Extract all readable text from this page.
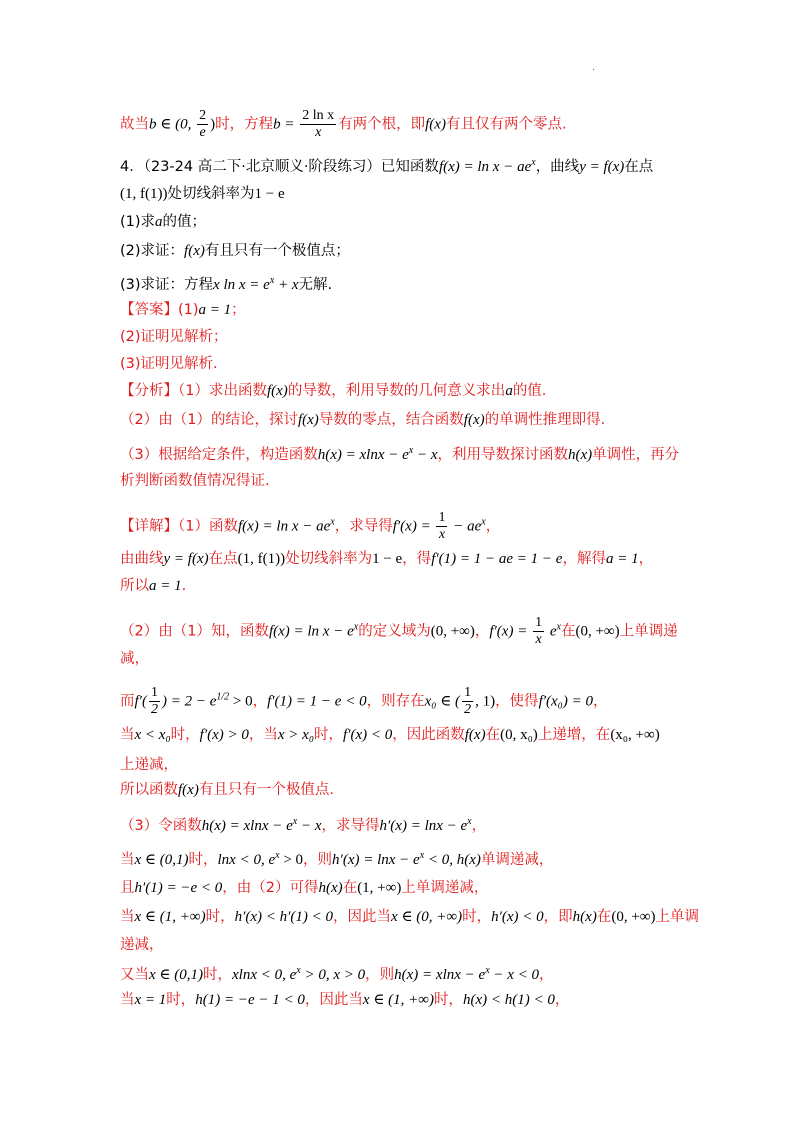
.
故当b ∈ (0, $\frac{2}{e}$ )时，方程$b = \frac{\text{2 ln x}}{x}$ 有两个根，即f(x)有且仅有两个零点.
4．（23-24 高二下·北京顺义·阶段练习）已知函数$f(x) = \ln x - ae^x$，曲线y = f(x)在点
(1, f(1))处切线斜率为1 − e
(1)求a的值；
(2)求证：f(x)有且只有一个极值点；
(3)求证：方程x $\ln x = e^x + x$无解.
【答案】(1)a = 1；
(2)证明见解析；
(3)证明见解析.
【分析】（1）求出函数f(x)的导数，利用导数的几何意义求出a的值.
（2）由（1）的结论，探讨f(x)导数的零点，结合函数f(x)的单调性推理即得.
（3）根据给定条件，构造函数$h(x) = xlnx - e^x - x$，利用导数探讨函数h(x)单调性，再分
析判断函数值情况得证.
【详解】（1）函数$f(x) = \ln x - ae^x$，求导得$f'(x) = \frac{1}{x} - ae^x$，
由曲线y = f(x)在点(1, f(1))处切线斜率为1 − e，得f′(1) = 1 − ae = 1 − e，解得a = 1，
所以a = 1.
（2）由（1）知，函数$f(x) = \ln x - e^x$的定义域为(0, +∞)，$f'(x) = \frac{1}{x} e^x$在(0, +∞)上单调递
减，
而$f'( \frac{1}{2}$ ) = $2 - e^{1/2} > 0$，f′(1) = 1 − e < 0，则存在x₀ ∈ ( $\frac{1}{2}$ , 1)，使得f′(x₀) = 0，
当x < x₀时，f′(x) > 0，当x > x₀时，f′(x) < 0，因此函数f(x)在(0, x₀)上递增，在(x₀, +∞)
上递减，
所以函数f(x)有且只有一个极值点.
（3）令函数$h(x) = xlnx - e^x - x$，求导得$h'(x) = \ln x - e^x$，
当x ∈ (0,1)时，lnx < 0, $e^x > 0$，则$h'(x) = \ln x - e^x < 0$, h(x)单调递减，
且h′(1) = −e < 0，由（2）可得h(x)在(1, +∞)上单调递减，
当x ∈ (1, +∞)时，h′(x) < h′(1) < 0，因此当x ∈ (0, +∞)时，h′(x) < 0，即h(x)在(0, +∞)上单调
递减，
又当x ∈ (0,1)时，xlnx < 0, $e^x > 0$, x > 0，则$h(x) = xlnx - e^x - x < 0$，
当x = 1时，h(1) = −e − 1 < 0，因此当x ∈ (1, +∞)时，h(x) < h(1) < 0，
